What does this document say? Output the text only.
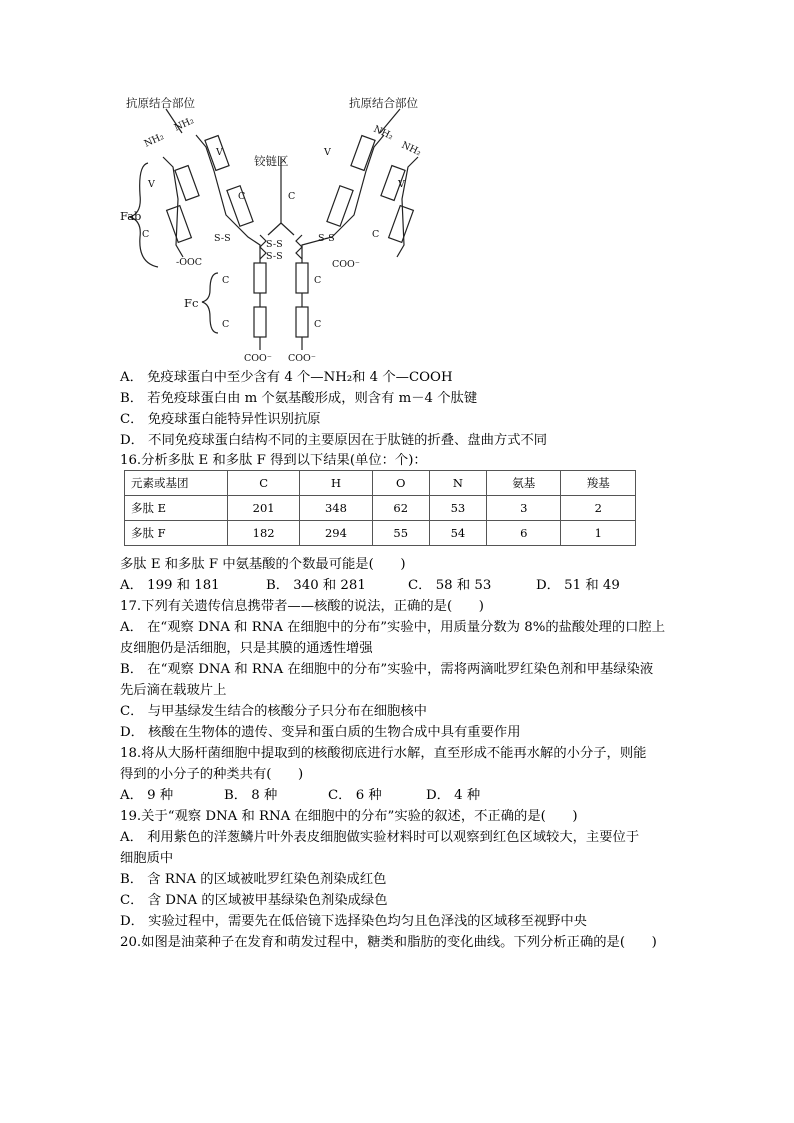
抗原结合部位	抗原结合部位
铰链区
Fab
Fc
NH₂
NH₂	NH₂
NH₂
V
V
V
V
C	C
C	C
S-S	S-S
S-S
S-S
-OOC	COO⁻
C	C
C	C
COO⁻ COO⁻
A． 免疫球蛋白中至少含有 4 个—NH₂和 4 个—COOH
B． 若免疫球蛋白由 m 个氨基酸形成，则含有 m－4 个肽键
C． 免疫球蛋白能特异性识别抗原
D． 不同免疫球蛋白结构不同的主要原因在于肽链的折叠、盘曲方式不同
16.分析多肽 E 和多肽 F 得到以下结果(单位：个)：
元素或基团	C	H	O	N	氨基	羧基
多肽 E	201	348	62	53	3	2
多肽 F	182	294	55	54	6	1
多肽 E 和多肽 F 中氨基酸的个数最可能是(　　)
A． 199 和 181	B． 340 和 281	C． 58 和 53	D． 51 和 49
17.下列有关遗传信息携带者——核酸的说法，正确的是(　　)
A． 在“观察 DNA 和 RNA 在细胞中的分布”实验中，用质量分数为 8%的盐酸处理的口腔上
皮细胞仍是活细胞，只是其膜的通透性增强
B． 在“观察 DNA 和 RNA 在细胞中的分布”实验中，需将两滴吡罗红染色剂和甲基绿染液
先后滴在载玻片上
C． 与甲基绿发生结合的核酸分子只分布在细胞核中
D． 核酸在生物体的遗传、变异和蛋白质的生物合成中具有重要作用
18.将从大肠杆菌细胞中提取到的核酸彻底进行水解，直至形成不能再水解的小分子，则能
得到的小分子的种类共有(　　)
A． 9 种	B． 8 种	C． 6 种	D． 4 种
19.关于“观察 DNA 和 RNA 在细胞中的分布”实验的叙述，不正确的是(　　)
A． 利用紫色的洋葱鳞片叶外表皮细胞做实验材料时可以观察到红色区域较大，主要位于
细胞质中
B． 含 RNA 的区域被吡罗红染色剂染成红色
C． 含 DNA 的区域被甲基绿染色剂染成绿色
D． 实验过程中，需要先在低倍镜下选择染色均匀且色泽浅的区域移至视野中央
20.如图是油菜种子在发育和萌发过程中，糖类和脂肪的变化曲线。下列分析正确的是(　　)
